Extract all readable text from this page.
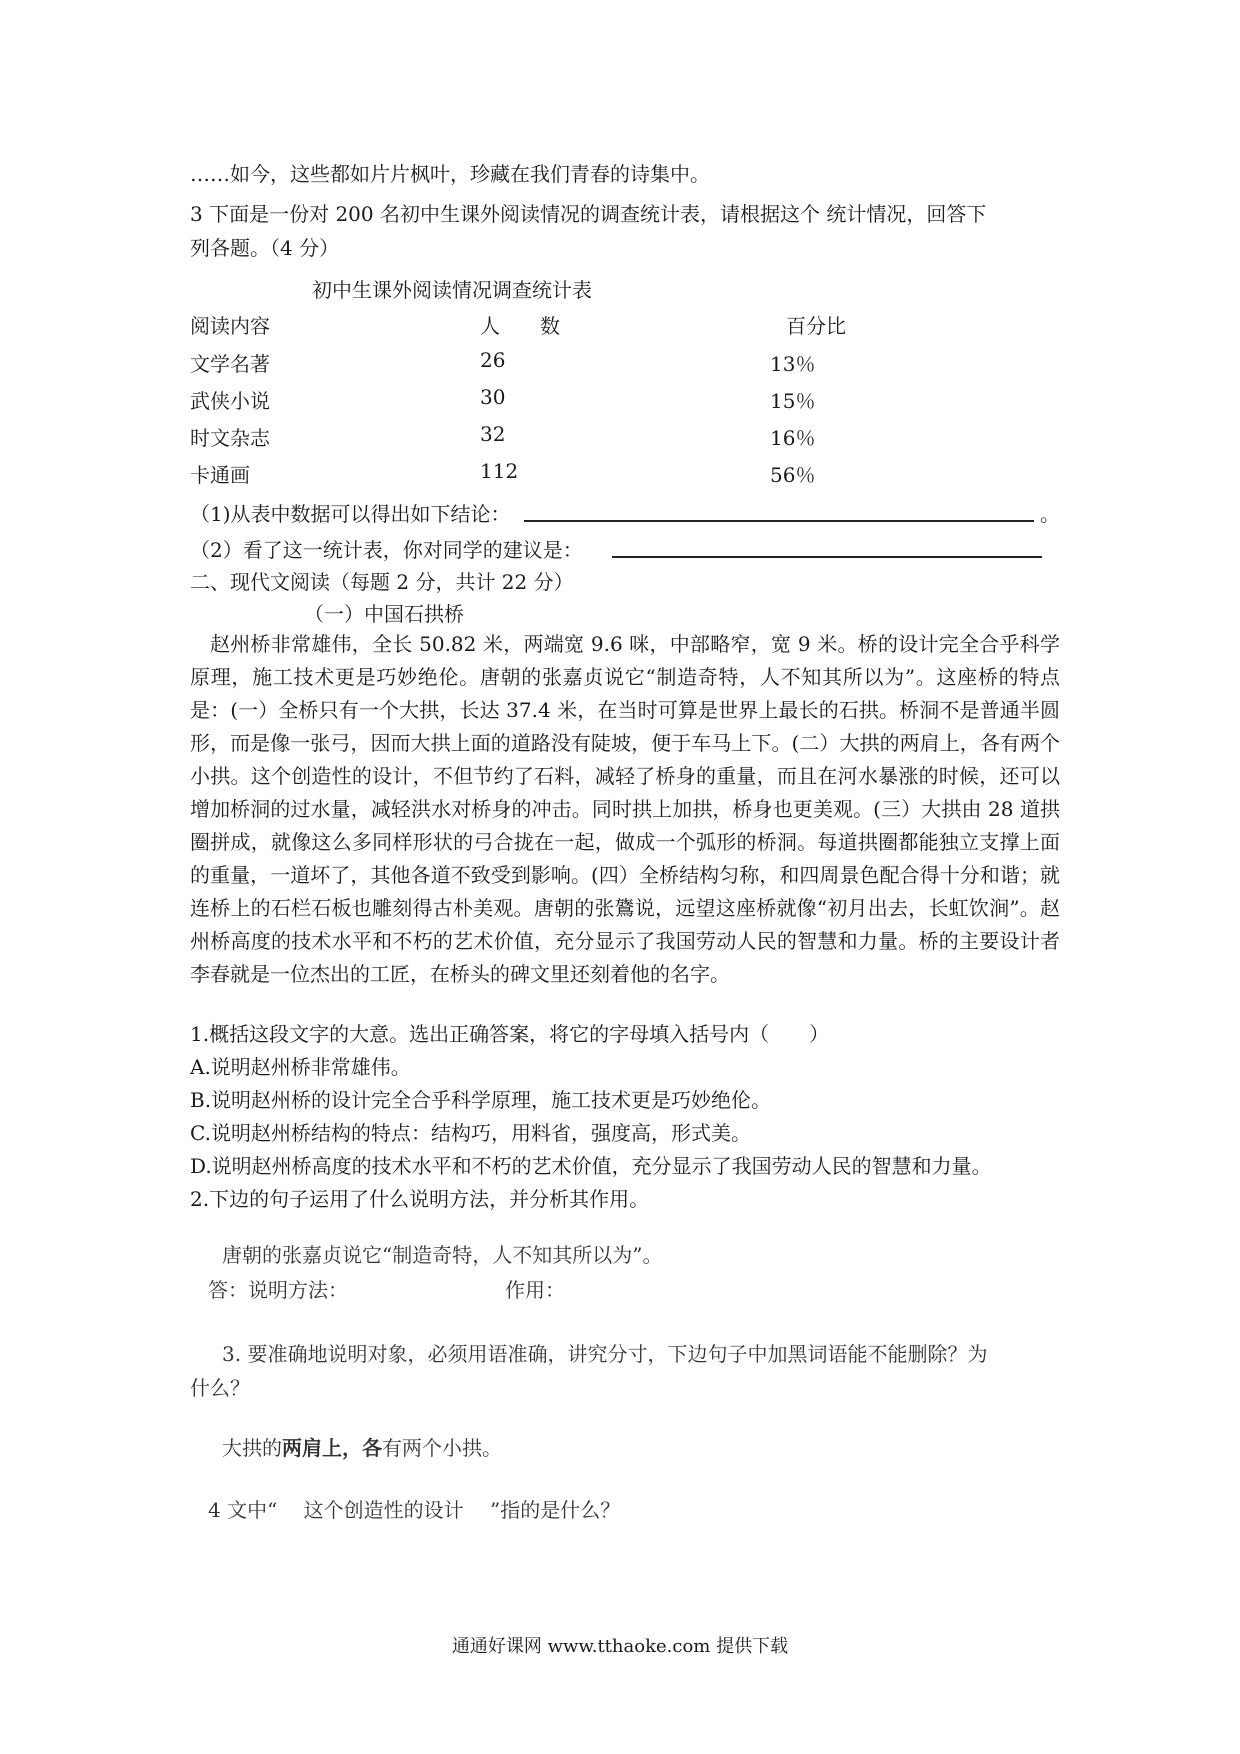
……如今，这些都如片片枫叶，珍藏在我们青春的诗集中。
3 下面是一份对 200 名初中生课外阅读情况的调查统计表，请根据这个 统计情况，回答下
列各题。（4 分）
初中生课外阅读情况调查统计表
阅读内容	人　　数	百分比
文学名著	26	13％
武侠小说	30	15％
时文杂志	32	16％
卡通画	112	56％
（1)从表中数据可以得出如下结论：	。
（2）看了这一统计表，你对同学的建议是：
二、现代文阅读（每题 2 分，共计 22 分）
（一）中国石拱桥
赵州桥非常雄伟，全长 50.82 米，两端宽 9.6 咪，中部略窄，宽 9 米。桥的设计完全合乎科学原理，施工技术更是巧妙绝伦。唐朝的张嘉贞说它“制造奇特，人不知其所以为”。这座桥的特点是：(一）全桥只有一个大拱，长达 37.4 米，在当时可算是世界上最长的石拱。桥洞不是普通半圆形，而是像一张弓，因而大拱上面的道路没有陡坡，便于车马上下。(二）大拱的两肩上，各有两个小拱。这个创造性的设计，不但节约了石料，减轻了桥身的重量，而且在河水暴涨的时候，还可以增加桥洞的过水量，减轻洪水对桥身的冲击。同时拱上加拱，桥身也更美观。(三）大拱由 28 道拱圈拼成，就像这么多同样形状的弓合拢在一起，做成一个弧形的桥洞。每道拱圈都能独立支撑上面的重量，一道坏了，其他各道不致受到影响。(四）全桥结构匀称，和四周景色配合得十分和谐；就连桥上的石栏石板也雕刻得古朴美观。唐朝的张鷟说，远望这座桥就像“初月出去，长虹饮涧”。赵州桥高度的技术水平和不朽的艺术价值，充分显示了我国劳动人民的智慧和力量。桥的主要设计者李春就是一位杰出的工匠，在桥头的碑文里还刻着他的名字。
1.概括这段文字的大意。选出正确答案，将它的字母填入括号内（　　）
A.说明赵州桥非常雄伟。
B.说明赵州桥的设计完全合乎科学原理，施工技术更是巧妙绝伦。
C.说明赵州桥结构的特点：结构巧，用料省，强度高，形式美。
D.说明赵州桥高度的技术水平和不朽的艺术价值，充分显示了我国劳动人民的智慧和力量。
2.下边的句子运用了什么说明方法，并分析其作用。
唐朝的张嘉贞说它“制造奇特，人不知其所以为”。
答：说明方法：	作用：
3. 要准确地说明对象，必须用语准确，讲究分寸，下边句子中加黑词语能不能删除？为
什么？
大拱的两肩上，各有两个小拱。
4 文中“　 这个创造性的设计　 ”指的是什么？
通通好课网 www.tthaoke.com 提供下载
